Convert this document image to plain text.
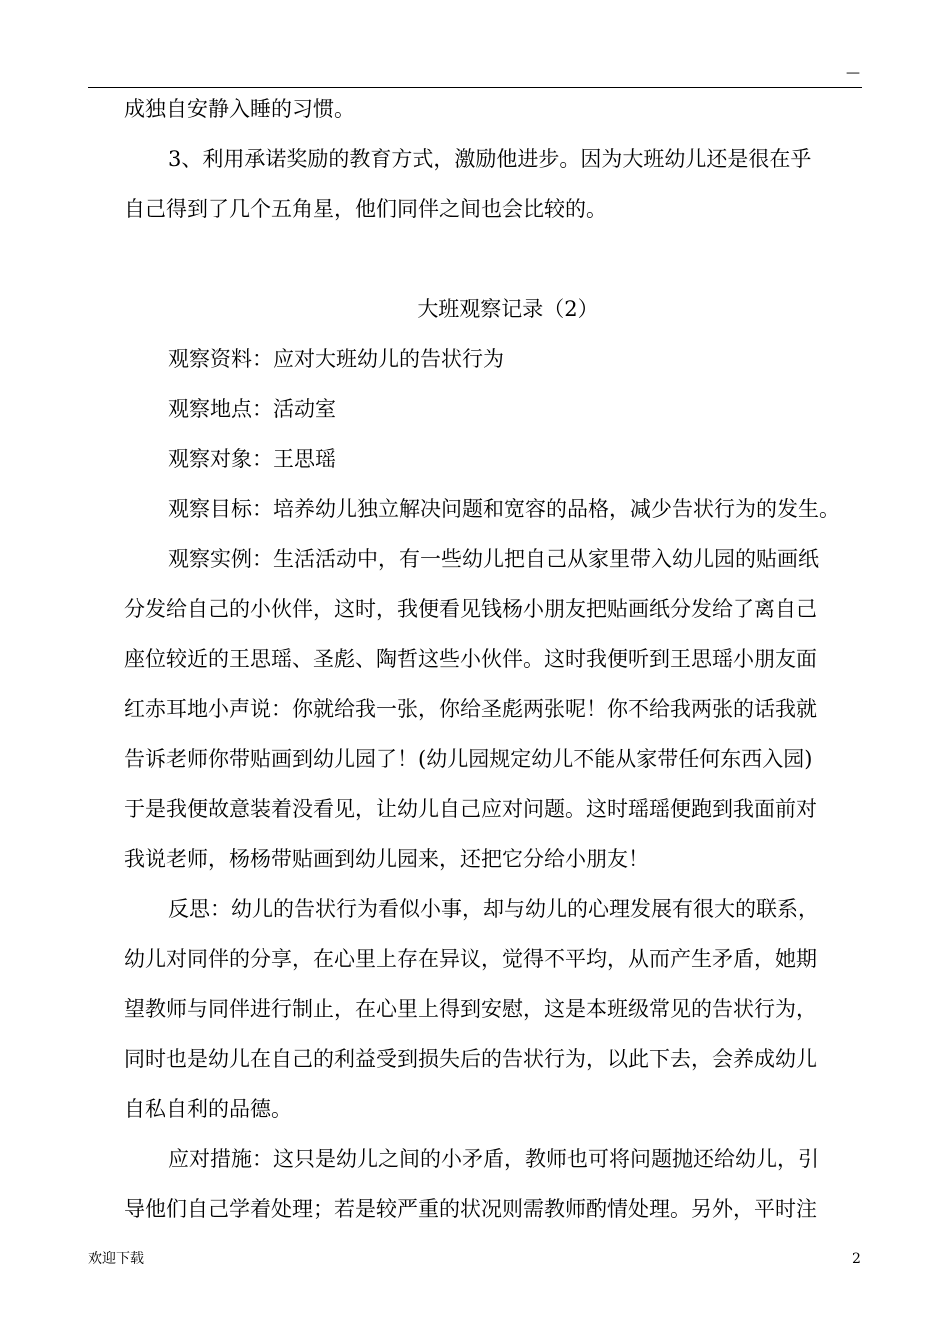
—
成独自安静入睡的习惯。
3、利用承诺奖励的教育方式，激励他进步。因为大班幼儿还是很在乎
自己得到了几个五角星，他们同伴之间也会比较的。
大班观察记录（2）
观察资料：应对大班幼儿的告状行为
观察地点：活动室
观察对象：王思瑶
观察目标：培养幼儿独立解决问题和宽容的品格，减少告状行为的发生。
观察实例：生活活动中，有一些幼儿把自己从家里带入幼儿园的贴画纸
分发给自己的小伙伴，这时，我便看见钱杨小朋友把贴画纸分发给了离自己
座位较近的王思瑶、圣彪、陶哲这些小伙伴。这时我便听到王思瑶小朋友面
红赤耳地小声说：你就给我一张，你给圣彪两张呢！你不给我两张的话我就
告诉老师你带贴画到幼儿园了！(幼儿园规定幼儿不能从家带任何东西入园)
于是我便故意装着没看见，让幼儿自己应对问题。这时瑶瑶便跑到我面前对
我说老师，杨杨带贴画到幼儿园来，还把它分给小朋友！
反思：幼儿的告状行为看似小事，却与幼儿的心理发展有很大的联系，
幼儿对同伴的分享，在心里上存在异议，觉得不平均，从而产生矛盾，她期
望教师与同伴进行制止，在心里上得到安慰，这是本班级常见的告状行为，
同时也是幼儿在自己的利益受到损失后的告状行为，以此下去，会养成幼儿
自私自利的品德。
应对措施：这只是幼儿之间的小矛盾，教师也可将问题抛还给幼儿，引
导他们自己学着处理；若是较严重的状况则需教师酌情处理。另外，平时注
欢迎下载	2
